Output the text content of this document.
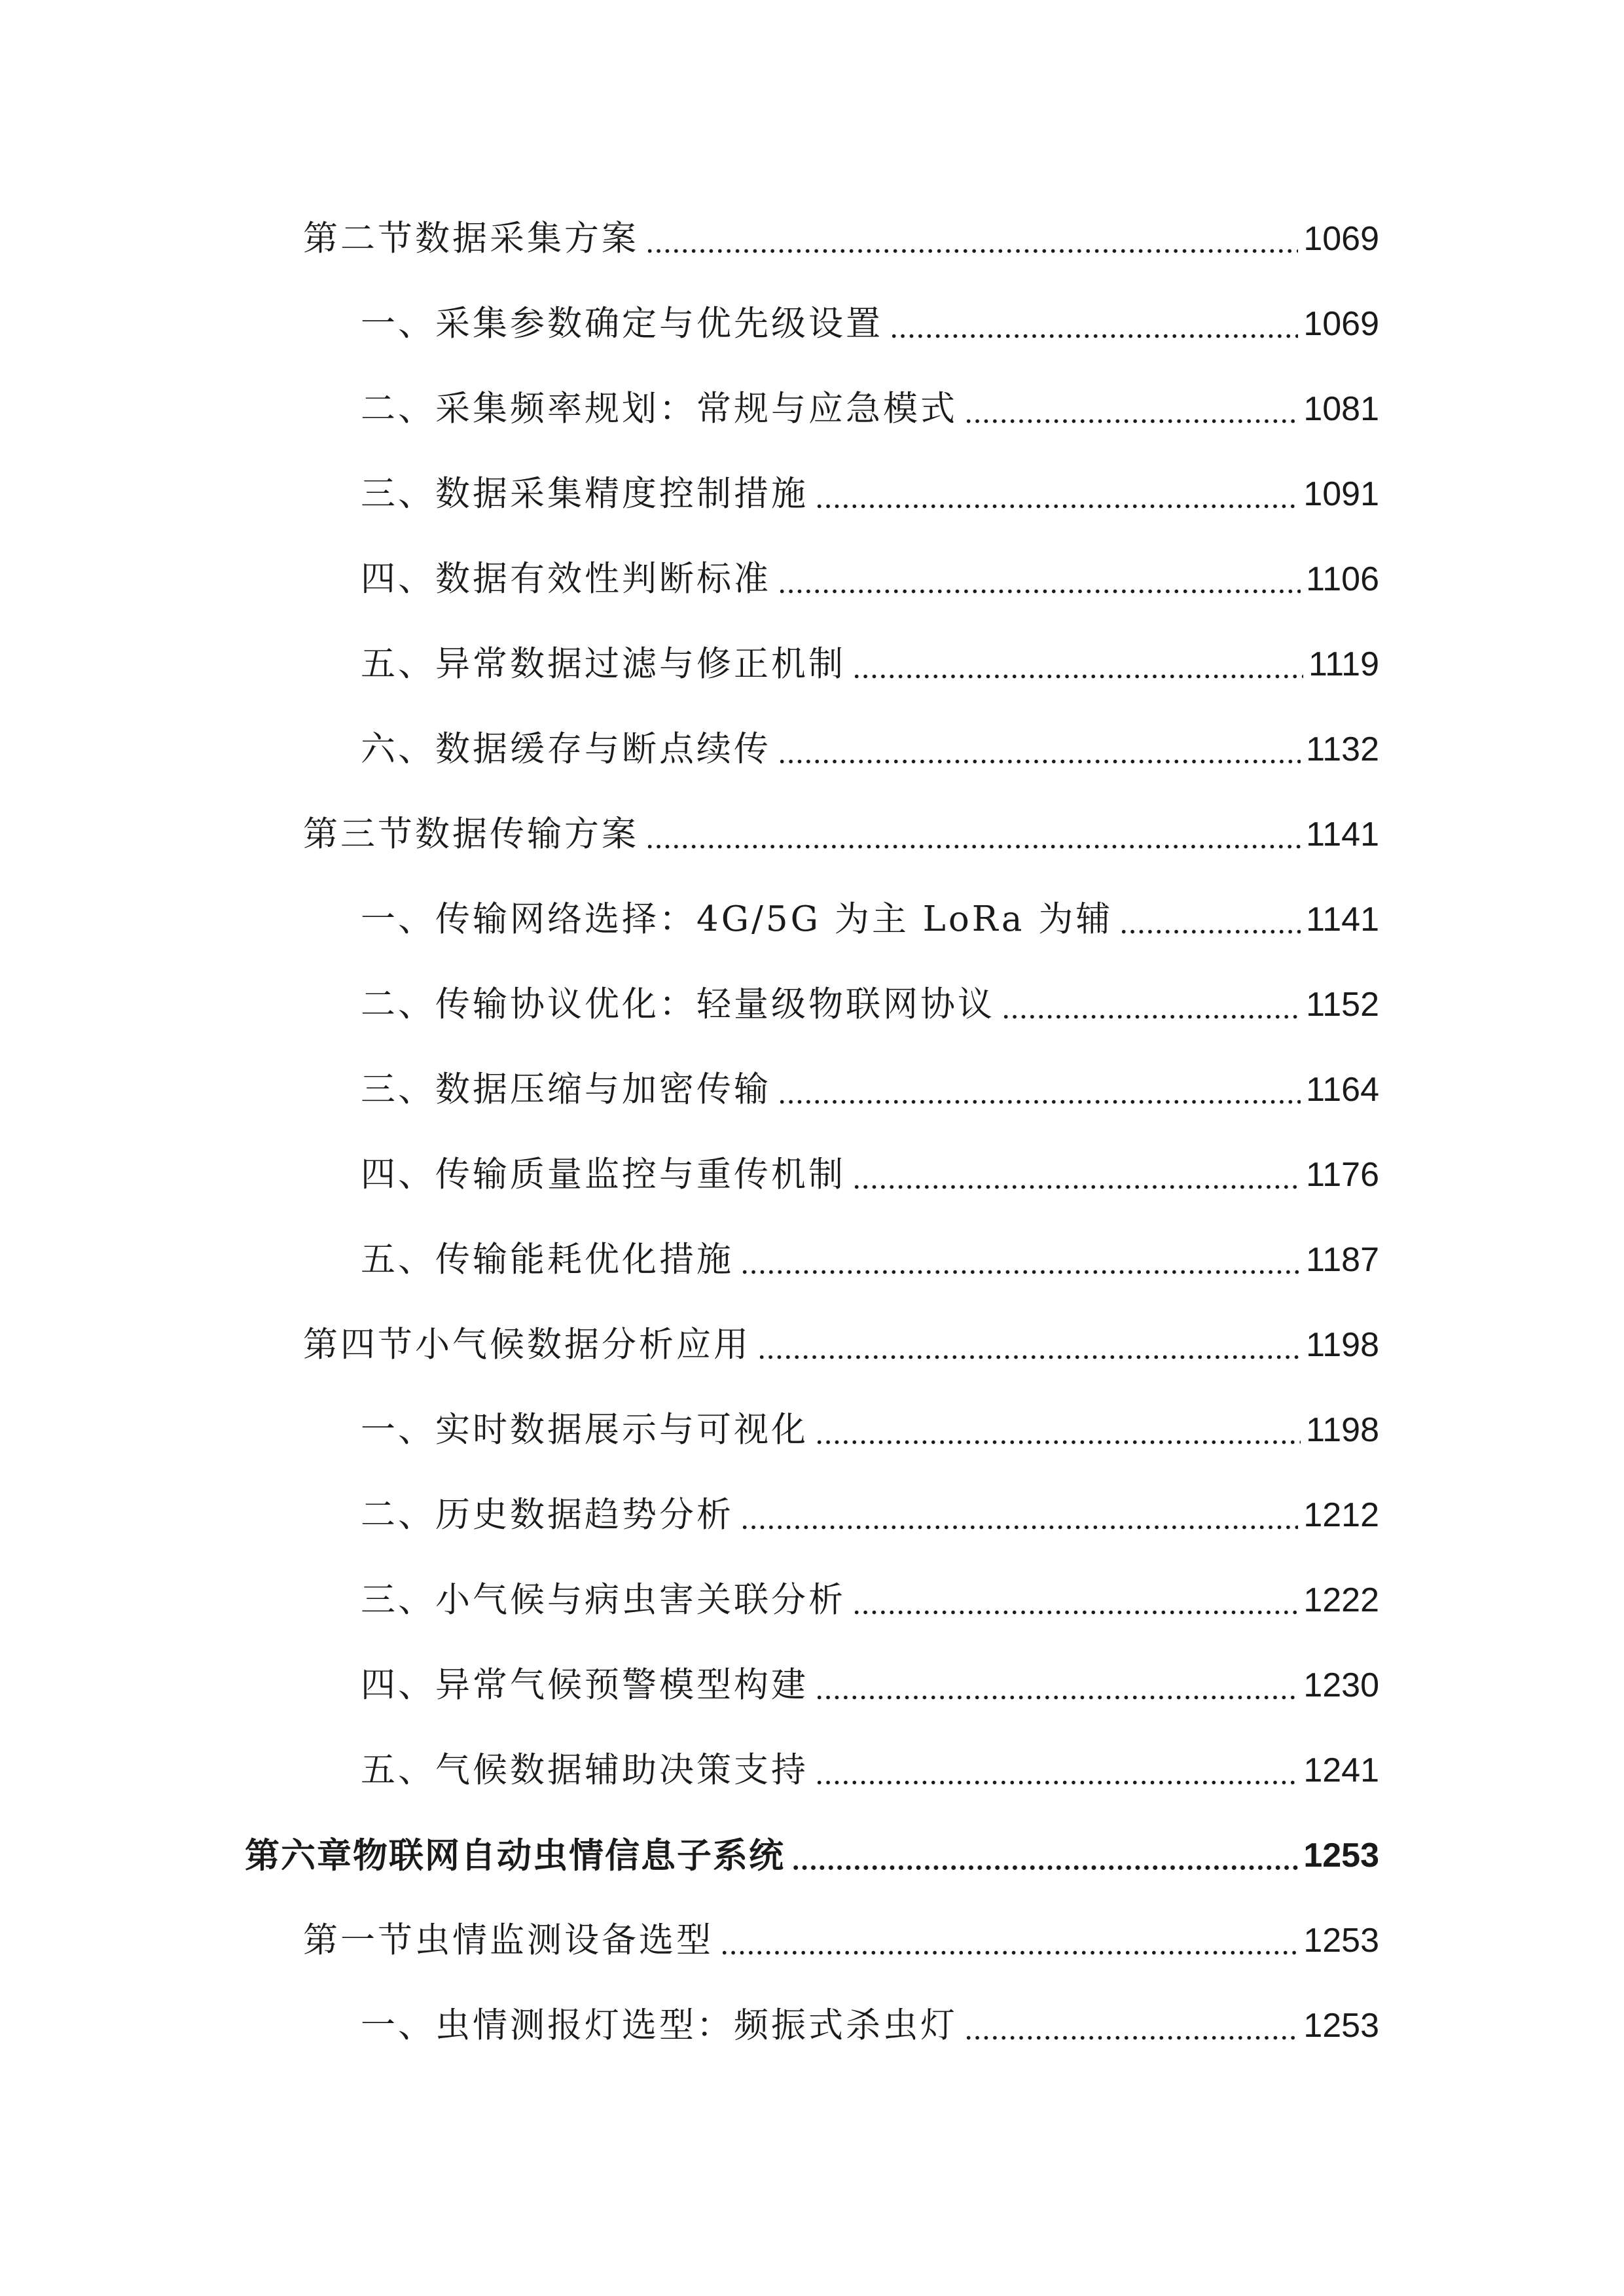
第二节数据采集方案	1069
一、采集参数确定与优先级设置	1069
二、采集频率规划：常规与应急模式	1081
三、数据采集精度控制措施	1091
四、数据有效性判断标准	1106
五、异常数据过滤与修正机制	1119
六、数据缓存与断点续传	1132
第三节数据传输方案	1141
一、传输网络选择：4G/5G 为主 LoRa 为辅	1141
二、传输协议优化：轻量级物联网协议	1152
三、数据压缩与加密传输	1164
四、传输质量监控与重传机制	1176
五、传输能耗优化措施	1187
第四节小气候数据分析应用	1198
一、实时数据展示与可视化	1198
二、历史数据趋势分析	1212
三、小气候与病虫害关联分析	1222
四、异常气候预警模型构建	1230
五、气候数据辅助决策支持	1241
第六章物联网自动虫情信息子系统	1253
第一节虫情监测设备选型	1253
一、虫情测报灯选型：频振式杀虫灯	1253
